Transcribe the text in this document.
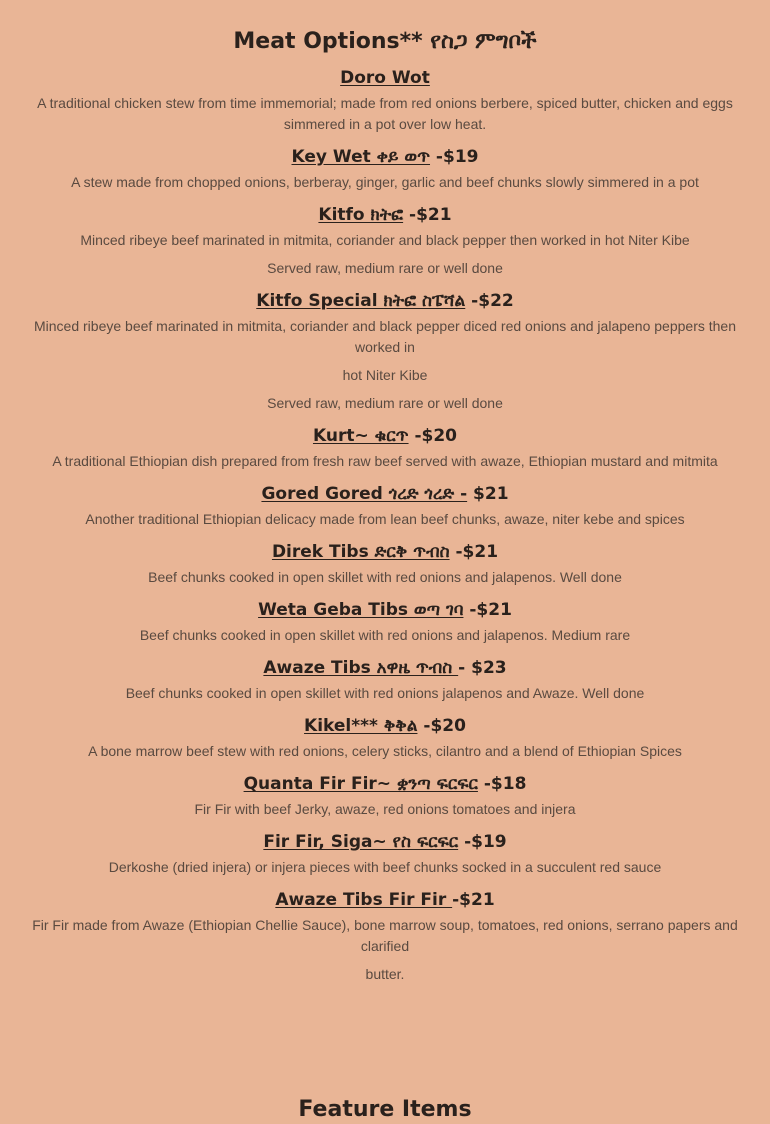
Meat Options** የስጋ ምግቦች
Doro Wot

A traditional chicken stew from time immemorial; made from red onions berbere, spiced butter, chicken and eggs simmered in a pot over low heat.

Key Wet ቀይ ወጥ -$19

A stew made from chopped onions, berberay, ginger, garlic and beef chunks slowly simmered in a pot

Kitfo ክትፎ -$21

Minced ribeye beef marinated in mitmita, coriander and black pepper then worked in hot Niter Kibe

Served raw, medium rare or well done

Kitfo Special ክትፎ ስፔሻል -$22

Minced ribeye beef marinated in mitmita, coriander and black pepper diced red onions and jalapeno peppers then worked in

hot Niter Kibe

Served raw, medium rare or well done

Kurt~ ቁርጥ -$20

A traditional Ethiopian dish prepared from fresh raw beef served with awaze, Ethiopian mustard and mitmita

Gored Gored ጎረድ ጎረድ - $21

Another traditional Ethiopian delicacy made from lean beef chunks, awaze, niter kebe and spices

Direk Tibs ድርቅ ጥብስ -$21

Beef chunks cooked in open skillet with red onions and jalapenos. Well done

Weta Geba Tibs ወጣ ገባ -$21

Beef chunks cooked in open skillet with red onions and jalapenos. Medium rare

Awaze Tibs አዋዜ ጥብስ - $23

Beef chunks cooked in open skillet with red onions jalapenos and Awaze. Well done

Kikel*** ቅቅል -$20

A bone marrow beef stew with red onions, celery sticks, cilantro and a blend of Ethiopian Spices

Quanta Fir Fir~ ቋንጣ ፍርፍር -$18

Fir Fir with beef Jerky, awaze, red onions tomatoes and injera

Fir Fir, Siga~ የስ ፍርፍር -$19

Derkoshe (dried injera) or injera pieces with beef chunks socked in a succulent red sauce

Awaze Tibs Fir Fir -$21

Fir Fir made from Awaze (Ethiopian Chellie Sauce), bone marrow soup, tomatoes, red onions, serrano papers and clarified

butter.

Feature Items
